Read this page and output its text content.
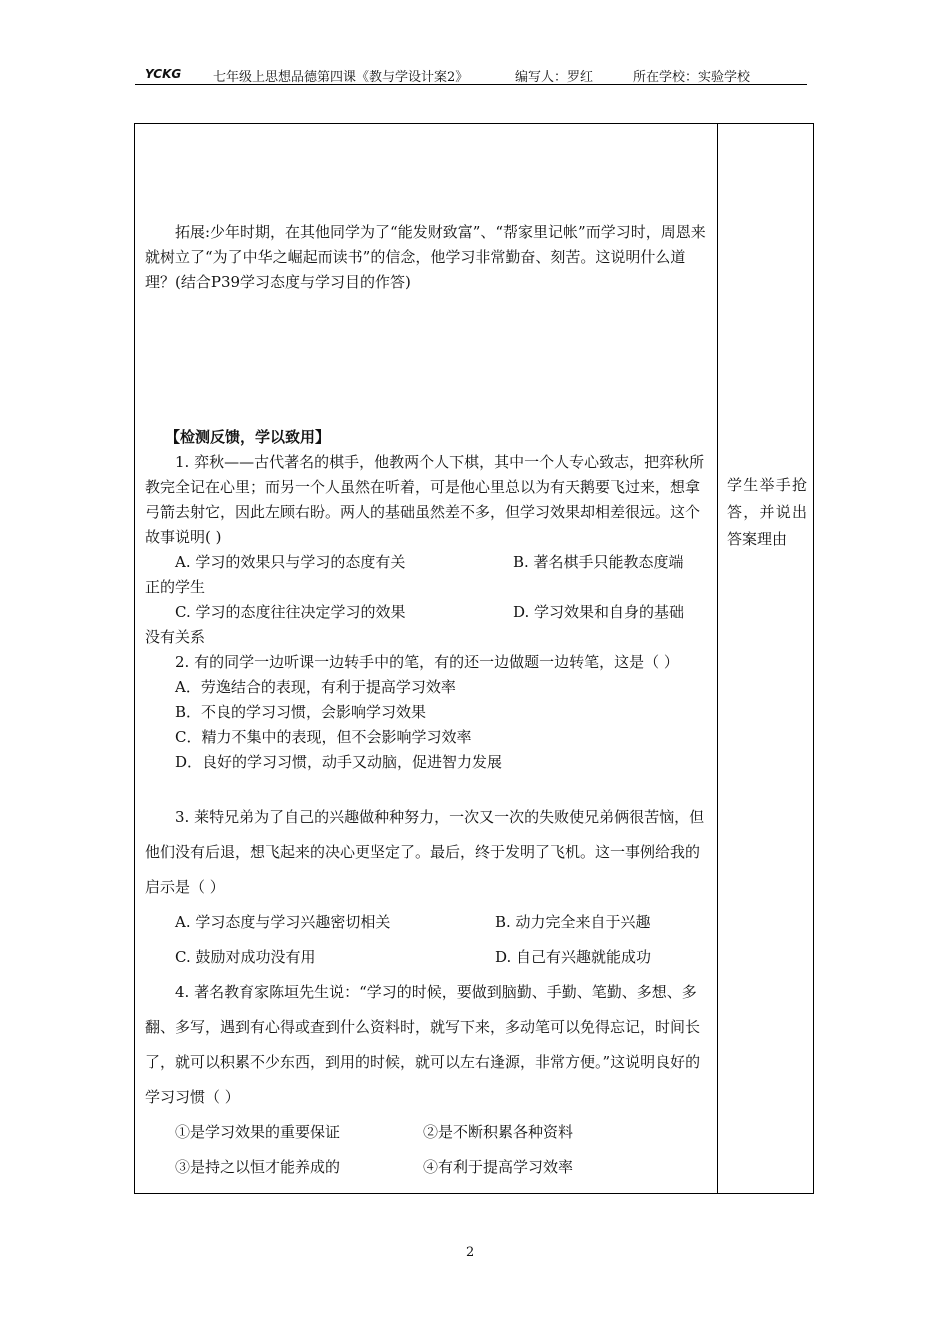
YCKG 七年级上思想品德第四课《教与学设计案2》	编写人：罗红	所在学校：实验学校

拓展:少年时期，在其他同学为了“能发财致富”、“帮家里记帐”而学习时，周恩来就树立了“为了中华之崛起而读书”的信念，他学习非常勤奋、刻苦。这说明什么道理？(结合P39学习态度与学习目的作答)

【检测反馈，学以致用】

1. 弈秋——古代著名的棋手，他教两个人下棋，其中一个人专心致志，把弈秋所教完全记在心里；而另一个人虽然在听着，可是他心里总以为有天鹅要飞过来，想拿弓箭去射它，因此左顾右盼。两人的基础虽然差不多，但学习效果却相差很远。这个故事说明( )

A. 学习的效果只与学习的态度有关	B. 著名棋手只能教态度端

正的学生

C. 学习的态度往往决定学习的效果	D. 学习效果和自身的基础

没有关系

2. 有的同学一边听课一边转手中的笔，有的还一边做题一边转笔，这是（ ）

A．劳逸结合的表现，有利于提高学习效率

B．不良的学习习惯，会影响学习效果

C．精力不集中的表现，但不会影响学习效率

D．良好的学习习惯，动手又动脑，促进智力发展

3. 莱特兄弟为了自己的兴趣做种种努力，一次又一次的失败使兄弟俩很苦恼，但他们没有后退，想飞起来的决心更坚定了。最后，终于发明了飞机。这一事例给我的启示是（ ）

A. 学习态度与学习兴趣密切相关	B. 动力完全来自于兴趣
C. 鼓励对成功没有用	D. 自己有兴趣就能成功

4. 著名教育家陈垣先生说：“学习的时候，要做到脑勤、手勤、笔勤、多想、多翻、多写，遇到有心得或查到什么资料时，就写下来，多动笔可以免得忘记，时间长了，就可以积累不少东西，到用的时候，就可以左右逢源，非常方便。”这说明良好的学习习惯（ ）

①是学习效果的重要保证	②是不断积累各种资料
③是持之以恒才能养成的	④有利于提高学习效率
学生举手抢答，并说出答案理由
2
